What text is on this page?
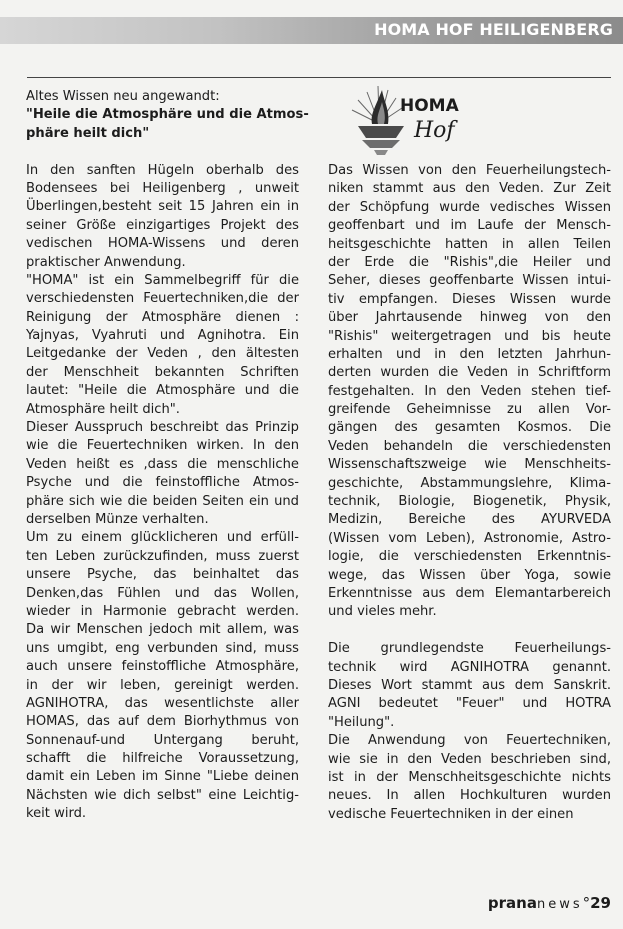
HOMA HOF HEILIGENBERG
HOMA
Hof
Altes Wissen neu angewandt:
"Heile die Atmosphäre und die Atmos-
phäre heilt dich"
In den sanften Hügeln oberhalb des
Bodensees bei Heiligenberg , unweit
Überlingen,besteht seit 15 Jahren ein in
seiner Größe einzigartiges Projekt des
vedischen HOMA-Wissens und deren
praktischer Anwendung.
"HOMA" ist ein Sammelbegriff für die
verschiedensten Feuertechniken,die der
Reinigung der Atmosphäre dienen :
Yajnyas, Vyahruti und Agnihotra. Ein
Leitgedanke der Veden , den ältesten
der Menschheit bekannten Schriften
lautet: "Heile die Atmosphäre und die
Atmosphäre heilt dich".
Dieser Ausspruch beschreibt das Prinzip
wie die Feuertechniken wirken. In den
Veden heißt es ,dass die menschliche
Psyche und die feinstoffliche Atmos-
phäre sich wie die beiden Seiten ein und
derselben Münze verhalten.
Um zu einem glücklicheren und erfüll-
ten Leben zurückzufinden, muss zuerst
unsere Psyche, das beinhaltet das
Denken,das Fühlen und das Wollen,
wieder in Harmonie gebracht werden.
Da wir Menschen jedoch mit allem, was
uns umgibt, eng verbunden sind, muss
auch unsere feinstoffliche Atmosphäre,
in der wir leben, gereinigt werden.
AGNIHOTRA, das wesentlichste aller
HOMAS, das auf dem Biorhythmus von
Sonnenauf-und Untergang beruht,
schafft die hilfreiche Voraussetzung,
damit ein Leben im Sinne "Liebe deinen
Nächsten wie dich selbst" eine Leichtig-
keit wird.
Das Wissen von den Feuerheilungstech-
niken stammt aus den Veden. Zur Zeit
der Schöpfung wurde vedisches Wissen
geoffenbart und im Laufe der Mensch-
heitsgeschichte hatten in allen Teilen
der Erde die "Rishis",die Heiler und
Seher, dieses geoffenbarte Wissen intui-
tiv empfangen. Dieses Wissen wurde
über Jahrtausende hinweg von den
"Rishis" weitergetragen und bis heute
erhalten und in den letzten Jahrhun-
derten wurden die Veden in Schriftform
festgehalten. In den Veden stehen tief-
greifende Geheimnisse zu allen Vor-
gängen des gesamten Kosmos. Die
Veden behandeln die verschiedensten
Wissenschaftszweige wie Menschheits-
geschichte, Abstammungslehre, Klima-
technik, Biologie, Biogenetik, Physik,
Medizin, Bereiche des AYURVEDA
(Wissen vom Leben), Astronomie, Astro-
logie, die verschiedensten Erkenntnis-
wege, das Wissen über Yoga, sowie
Erkenntnisse aus dem Elemantarbereich
und vieles mehr.
Die grundlegendste Feuerheilungs-
technik wird AGNIHOTRA genannt.
Dieses Wort stammt aus dem Sanskrit.
AGNI bedeutet "Feuer" und HOTRA
"Heilung".
Die Anwendung von Feuertechniken,
wie sie in den Veden beschrieben sind,
ist in der Menschheitsgeschichte nichts
neues. In allen Hochkulturen wurden
vedische Feuertechniken in der einen
prananews°29
